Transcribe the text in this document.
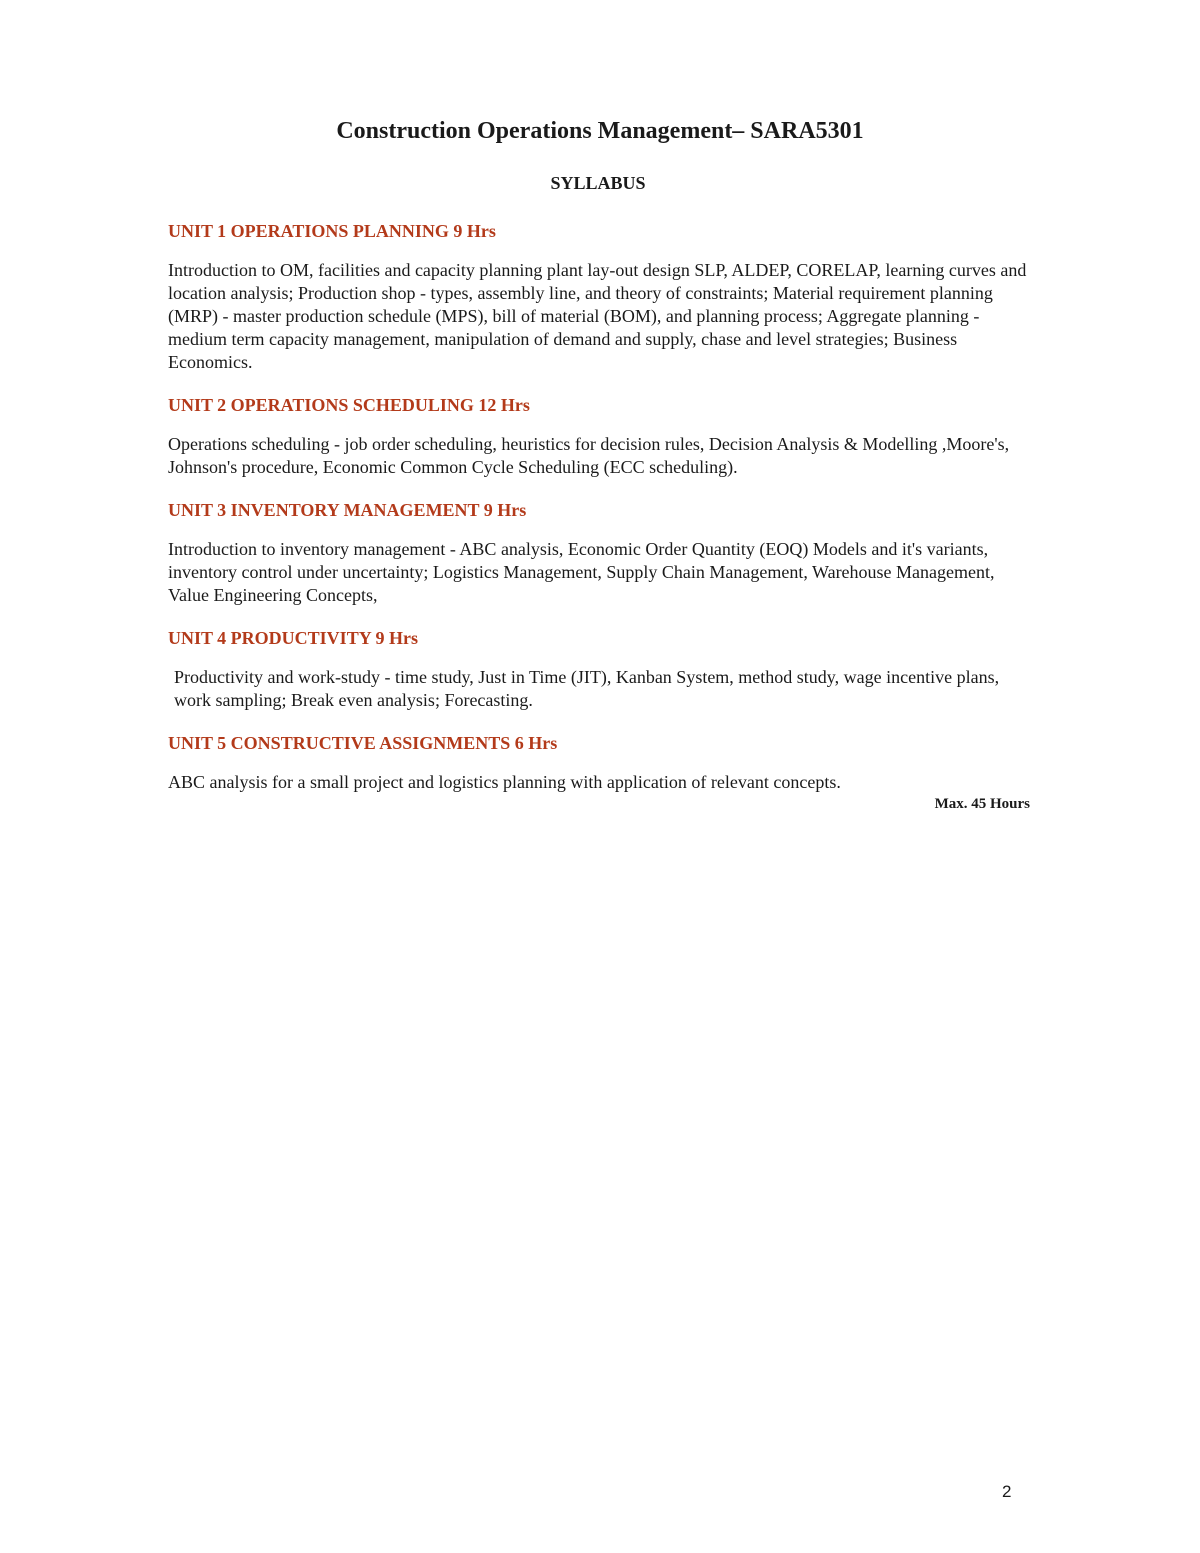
Construction Operations Management– SARA5301
SYLLABUS
UNIT 1 OPERATIONS PLANNING 9 Hrs

Introduction to OM, facilities and capacity planning plant lay-out design SLP, ALDEP, CORELAP, learning curves and location analysis; Production shop - types, assembly line, and theory of constraints; Material requirement planning (MRP) - master production schedule (MPS), bill of material (BOM), and planning process; Aggregate planning - medium term capacity management, manipulation of demand and supply, chase and level strategies; Business Economics.

UNIT 2 OPERATIONS SCHEDULING 12 Hrs

Operations scheduling - job order scheduling, heuristics for decision rules, Decision Analysis & Modelling ,Moore's, Johnson's procedure, Economic Common Cycle Scheduling (ECC scheduling).

UNIT 3 INVENTORY MANAGEMENT 9 Hrs

Introduction to inventory management - ABC analysis, Economic Order Quantity (EOQ) Models and it's variants, inventory control under uncertainty; Logistics Management, Supply Chain Management, Warehouse Management, Value Engineering Concepts,

UNIT 4 PRODUCTIVITY 9 Hrs

Productivity and work-study - time study, Just in Time (JIT), Kanban System, method study, wage incentive plans, work sampling; Break even analysis; Forecasting.

UNIT 5 CONSTRUCTIVE ASSIGNMENTS 6 Hrs

ABC analysis for a small project and logistics planning with application of relevant concepts.

Max. 45 Hours

2
